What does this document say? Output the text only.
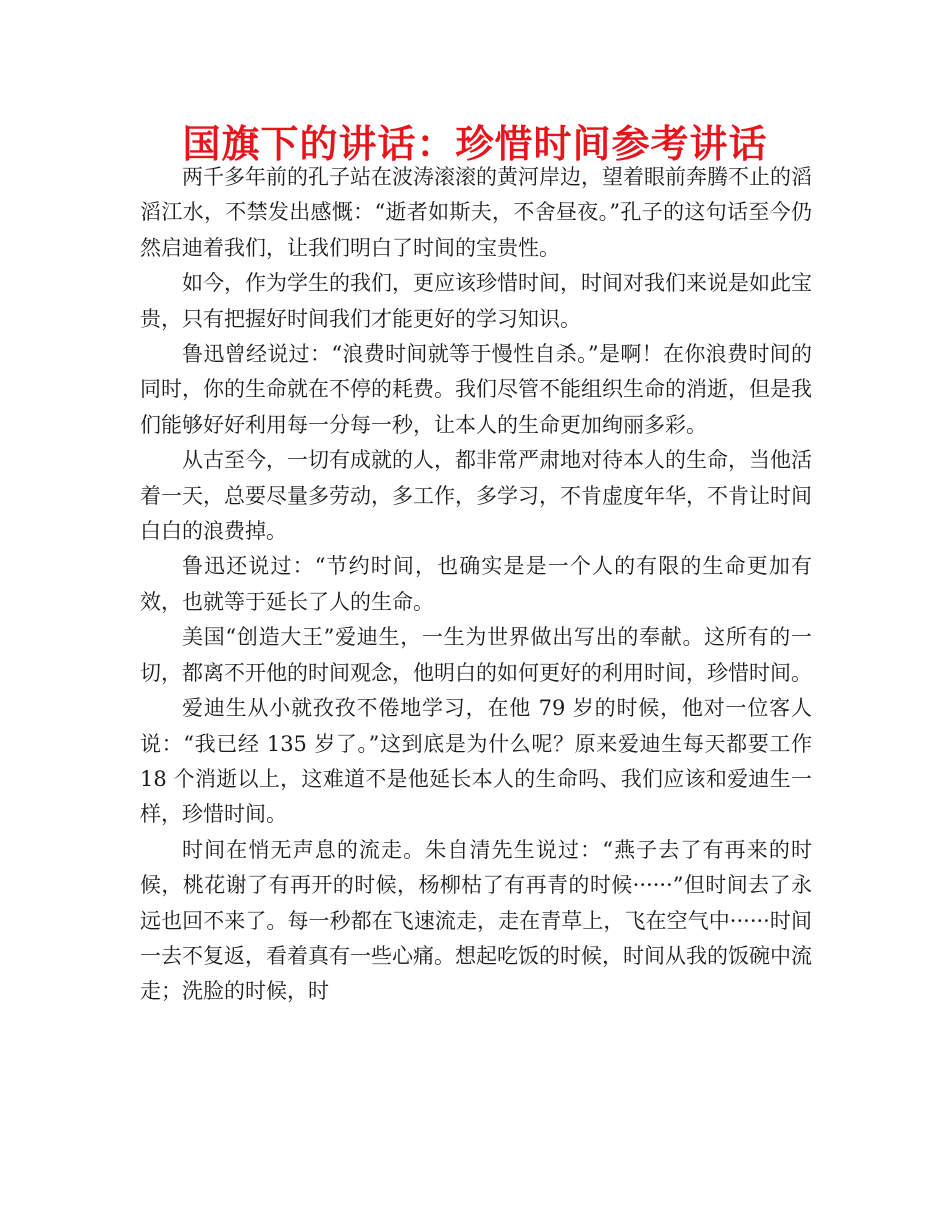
国旗下的讲话：珍惜时间参考讲话

两千多年前的孔子站在波涛滚滚的黄河岸边，望着眼前奔腾不止的滔滔江水，不禁发出感慨：“逝者如斯夫，不舍昼夜。”孔子的这句话至今仍然启迪着我们，让我们明白了时间的宝贵性。

如今，作为学生的我们，更应该珍惜时间，时间对我们来说是如此宝贵，只有把握好时间我们才能更好的学习知识。

鲁迅曾经说过：“浪费时间就等于慢性自杀。”是啊！在你浪费时间的同时，你的生命就在不停的耗费。我们尽管不能组织生命的消逝，但是我们能够好好利用每一分每一秒，让本人的生命更加绚丽多彩。

从古至今，一切有成就的人，都非常严肃地对待本人的生命，当他活着一天，总要尽量多劳动，多工作，多学习，不肯虚度年华，不肯让时间白白的浪费掉。

鲁迅还说过：“节约时间，也确实是是一个人的有限的生命更加有效，也就等于延长了人的生命。

美国“创造大王”爱迪生，一生为世界做出写出的奉献。这所有的一切，都离不开他的时间观念，他明白的如何更好的利用时间，珍惜时间。

爱迪生从小就孜孜不倦地学习，在他 79 岁的时候，他对一位客人说：“我已经 135 岁了。”这到底是为什么呢？原来爱迪生每天都要工作 18 个消逝以上，这难道不是他延长本人的生命吗、我们应该和爱迪生一样，珍惜时间。

时间在悄无声息的流走。朱自清先生说过：“燕子去了有再来的时候，桃花谢了有再开的时候，杨柳枯了有再青的时候······”但时间去了永远也回不来了。每一秒都在飞速流走，走在青草上，飞在空气中······时间一去不复返，看着真有一些心痛。想起吃饭的时候，时间从我的饭碗中流走；洗脸的时候，时
